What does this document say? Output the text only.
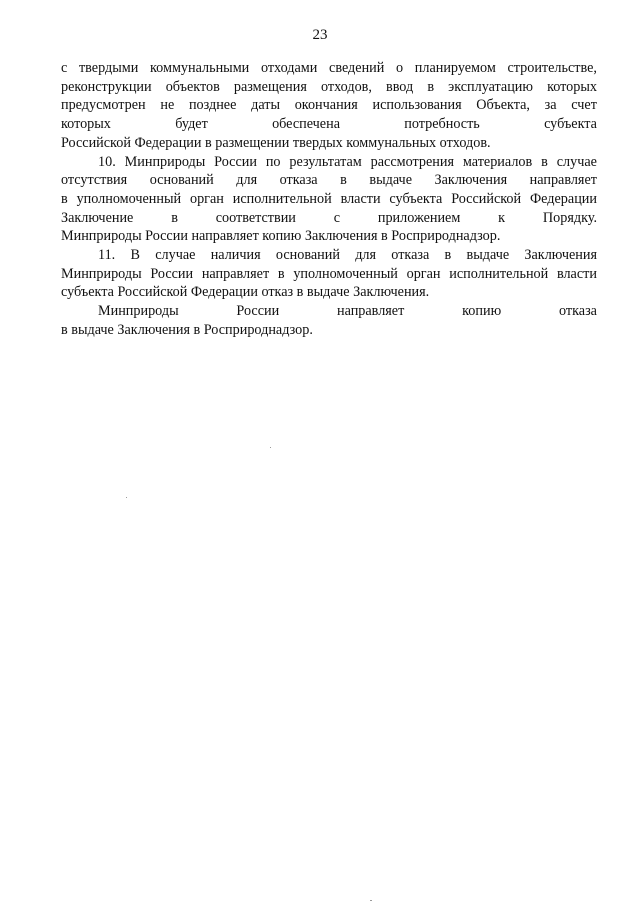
23
с твердыми коммунальными отходами сведений о планируемом строительстве,
реконструкции объектов размещения отходов, ввод в эксплуатацию которых
предусмотрен не позднее даты окончания использования Объекта, за счет
которых	будет	обеспечена	потребность	субъекта
Российской Федерации в размещении твердых коммунальных отходов.
10. Минприроды России по результатам рассмотрения материалов в случае
отсутствия оснований для отказа в выдаче Заключения направляет
в уполномоченный орган исполнительной власти субъекта Российской Федерации
Заключение	в	соответствии	с	приложением	к	Порядку.
Минприроды России направляет копию Заключения в Росприроднадзор.
11. В случае наличия оснований для отказа в выдаче Заключения
Минприроды России направляет в уполномоченный орган исполнительной власти
субъекта Российской Федерации отказ в выдаче Заключения.
Минприроды	России	направляет	копию	отказа
в выдаче Заключения в Росприроднадзор.
